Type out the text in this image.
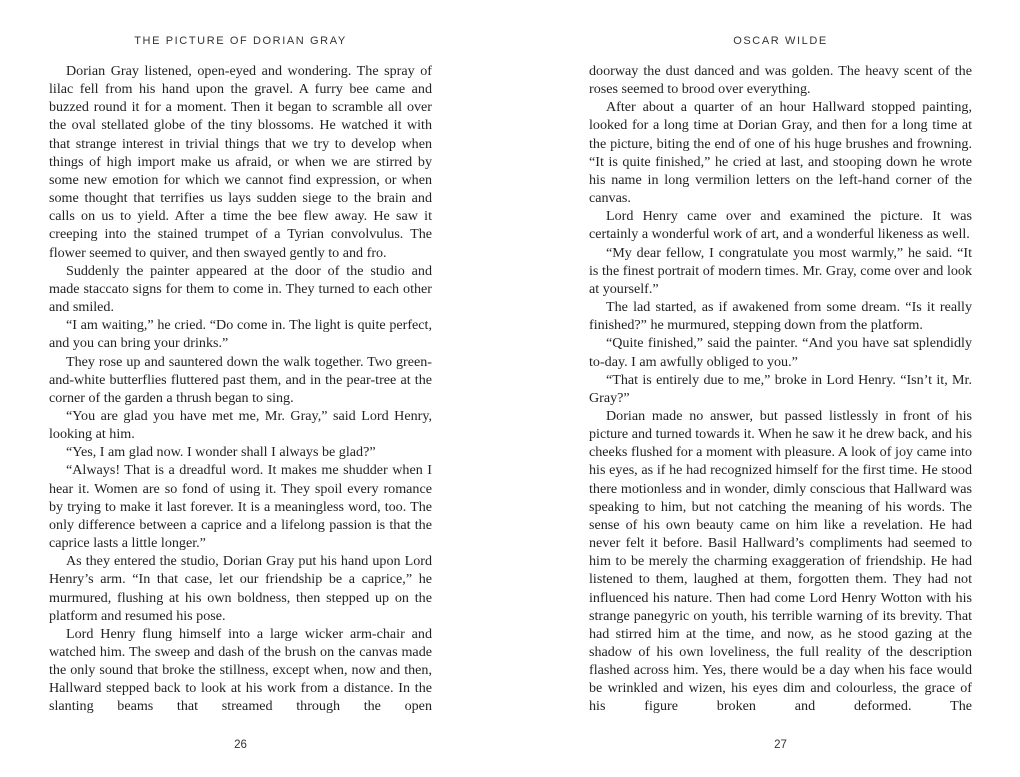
THE PICTURE OF DORIAN GRAY

Dorian Gray listened, open-eyed and wondering. The spray of lilac fell from his hand upon the gravel. A furry bee came and buzzed round it for a moment. Then it began to scramble all over the oval stellated globe of the tiny blossoms. He watched it with that strange interest in trivial things that we try to develop when things of high import make us afraid, or when we are stirred by some new emotion for which we cannot find expression, or when some thought that terrifies us lays sudden siege to the brain and calls on us to yield. After a time the bee flew away. He saw it creeping into the stained trumpet of a Tyrian convolvulus. The flower seemed to quiver, and then swayed gently to and fro.

Suddenly the painter appeared at the door of the studio and made staccato signs for them to come in. They turned to each other and smiled.

“I am waiting,” he cried. “Do come in. The light is quite perfect, and you can bring your drinks.”

They rose up and sauntered down the walk together. Two green-and-white butterflies fluttered past them, and in the pear-tree at the corner of the garden a thrush began to sing.

“You are glad you have met me, Mr. Gray,” said Lord Henry, looking at him.

“Yes, I am glad now. I wonder shall I always be glad?”

“Always! That is a dreadful word. It makes me shudder when I hear it. Women are so fond of using it. They spoil every romance by trying to make it last forever. It is a meaningless word, too. The only difference between a caprice and a lifelong passion is that the caprice lasts a little longer.”

As they entered the studio, Dorian Gray put his hand upon Lord Henry’s arm. “In that case, let our friendship be a caprice,” he murmured, flushing at his own boldness, then stepped up on the platform and resumed his pose.

Lord Henry flung himself into a large wicker arm-chair and watched him. The sweep and dash of the brush on the canvas made the only sound that broke the stillness, except when, now and then, Hallward stepped back to look at his work from a distance. In the slanting beams that streamed through the open

26
OSCAR WILDE

doorway the dust danced and was golden. The heavy scent of the roses seemed to brood over everything.

After about a quarter of an hour Hallward stopped painting, looked for a long time at Dorian Gray, and then for a long time at the picture, biting the end of one of his huge brushes and frowning. “It is quite finished,” he cried at last, and stooping down he wrote his name in long vermilion letters on the left-hand corner of the canvas.

Lord Henry came over and examined the picture. It was certainly a wonderful work of art, and a wonderful likeness as well.

“My dear fellow, I congratulate you most warmly,” he said. “It is the finest portrait of modern times. Mr. Gray, come over and look at yourself.”

The lad started, as if awakened from some dream. “Is it really finished?” he murmured, stepping down from the platform.

“Quite finished,” said the painter. “And you have sat splendidly to-day. I am awfully obliged to you.”

“That is entirely due to me,” broke in Lord Henry. “Isn’t it, Mr. Gray?”

Dorian made no answer, but passed listlessly in front of his picture and turned towards it. When he saw it he drew back, and his cheeks flushed for a moment with pleasure. A look of joy came into his eyes, as if he had recognized himself for the first time. He stood there motionless and in wonder, dimly conscious that Hallward was speaking to him, but not catching the meaning of his words. The sense of his own beauty came on him like a revelation. He had never felt it before. Basil Hallward’s compliments had seemed to him to be merely the charming exaggeration of friendship. He had listened to them, laughed at them, forgotten them. They had not influenced his nature. Then had come Lord Henry Wotton with his strange panegyric on youth, his terrible warning of its brevity. That had stirred him at the time, and now, as he stood gazing at the shadow of his own loveliness, the full reality of the description flashed across him. Yes, there would be a day when his face would be wrinkled and wizen, his eyes dim and colourless, the grace of his figure broken and deformed. The

27
